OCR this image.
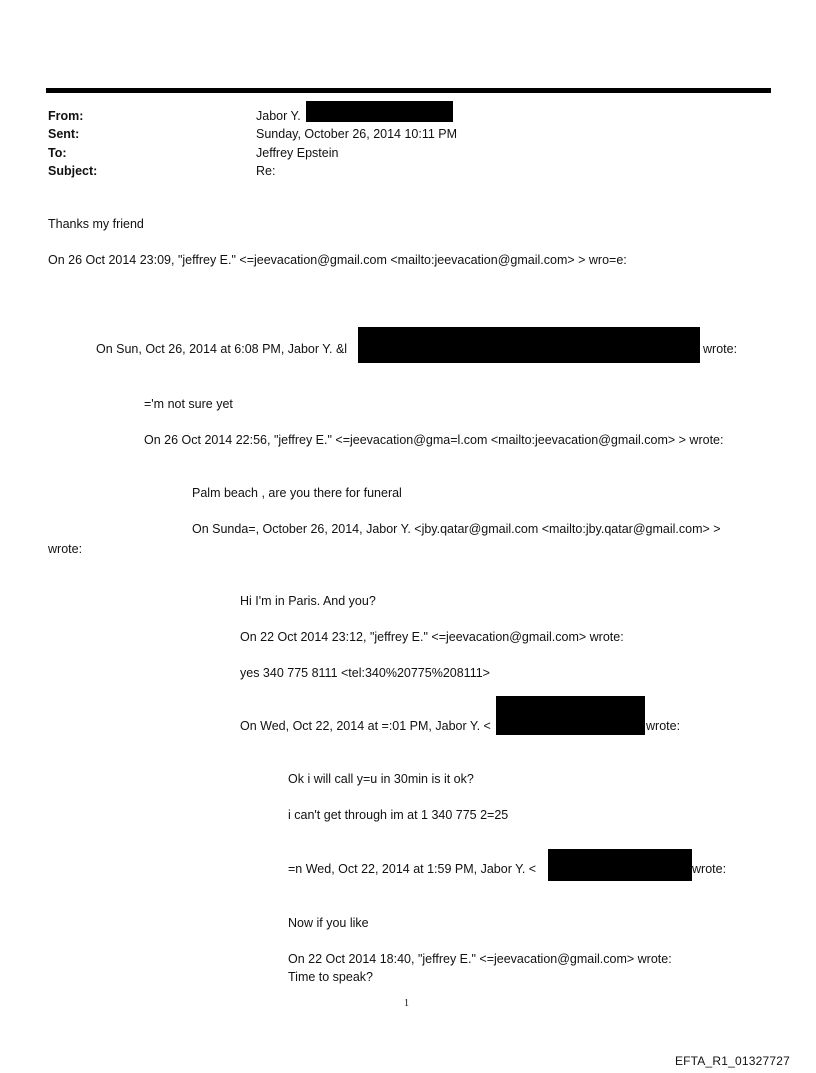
From:	Jabor Y.
Sent:	Sunday, October 26, 2014 10:11 PM
To:	Jeffrey Epstein
Subject:	Re:
Thanks my friend
On 26 Oct 2014 23:09, "jeffrey E." <=jeevacation@gmail.com <mailto:jeevacation@gmail.com> > wro=e:
On Sun, Oct 26, 2014 at 6:08 PM, Jabor Y. &l	wrote:
='m not sure yet
On 26 Oct 2014 22:56, "jeffrey E." <=jeevacation@gma=l.com <mailto:jeevacation@gmail.com> > wrote:
Palm beach , are you there for funeral
On Sunda=, October 26, 2014, Jabor Y. <jby.qatar@gmail.com <mailto:jby.qatar@gmail.com> >
wrote:
Hi I'm in Paris. And you?
On 22 Oct 2014 23:12, "jeffrey E." <=jeevacation@gmail.com> wrote:
yes 340 775 8111 <tel:340%20775%208111>
On Wed, Oct 22, 2014 at =:01 PM, Jabor Y. <	wrote:
Ok i will call y=u in 30min is it ok?
i can't get through im at 1 340 775 2=25
=n Wed, Oct 22, 2014 at 1:59 PM, Jabor Y. <	wrote:
Now if you like
On 22 Oct 2014 18:40, "jeffrey E." <=jeevacation@gmail.com> wrote:
Time to speak?
1
EFTA_R1_01327727
